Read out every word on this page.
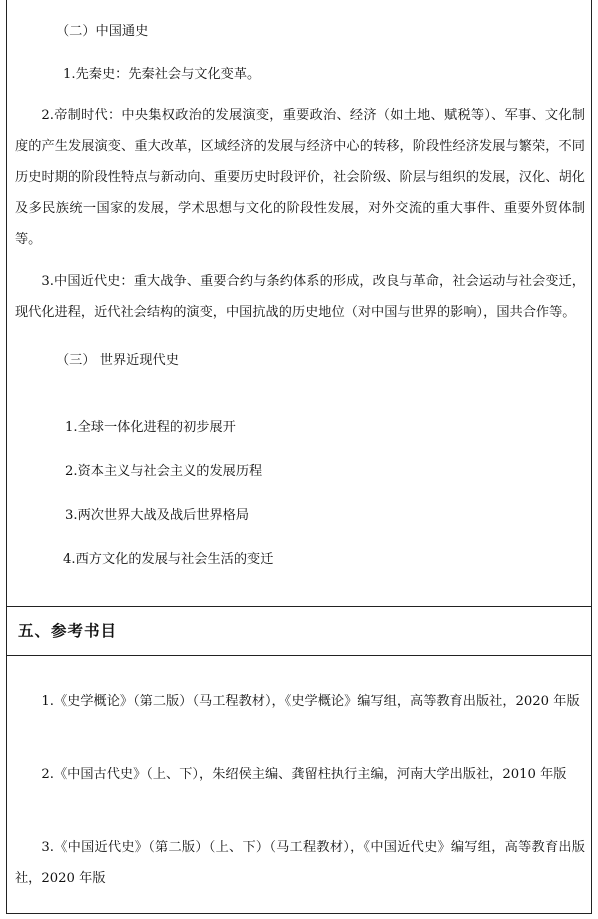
（二）中国通史
1.先秦史：先秦社会与文化变革。
2.帝制时代：中央集权政治的发展演变，重要政治、经济（如土地、赋税等）、军事、文化制度的产生发展演变、重大改革，区域经济的发展与经济中心的转移，阶段性经济发展与繁荣，不同历史时期的阶段性特点与新动向、重要历史时段评价，社会阶级、阶层与组织的发展，汉化、胡化及多民族统一国家的发展，学术思想与文化的阶段性发展，对外交流的重大事件、重要外贸体制等。
3.中国近代史：重大战争、重要合约与条约体系的形成，改良与革命，社会运动与社会变迁，现代化进程，近代社会结构的演变，中国抗战的历史地位（对中国与世界的影响），国共合作等。
（三） 世界近现代史
1.全球一体化进程的初步展开
2.资本主义与社会主义的发展历程
3.两次世界大战及战后世界格局
4.西方文化的发展与社会生活的变迁
五、参考书目
1.《史学概论》（第二版）（马工程教材），《史学概论》编写组，高等教育出版社，2020 年版
2.《中国古代史》（上、下），朱绍侯主编、龚留柱执行主编，河南大学出版社，2010 年版
3.《中国近代史》（第二版）（上、下）（马工程教材），《中国近代史》编写组，高等教育出版社，2020 年版
